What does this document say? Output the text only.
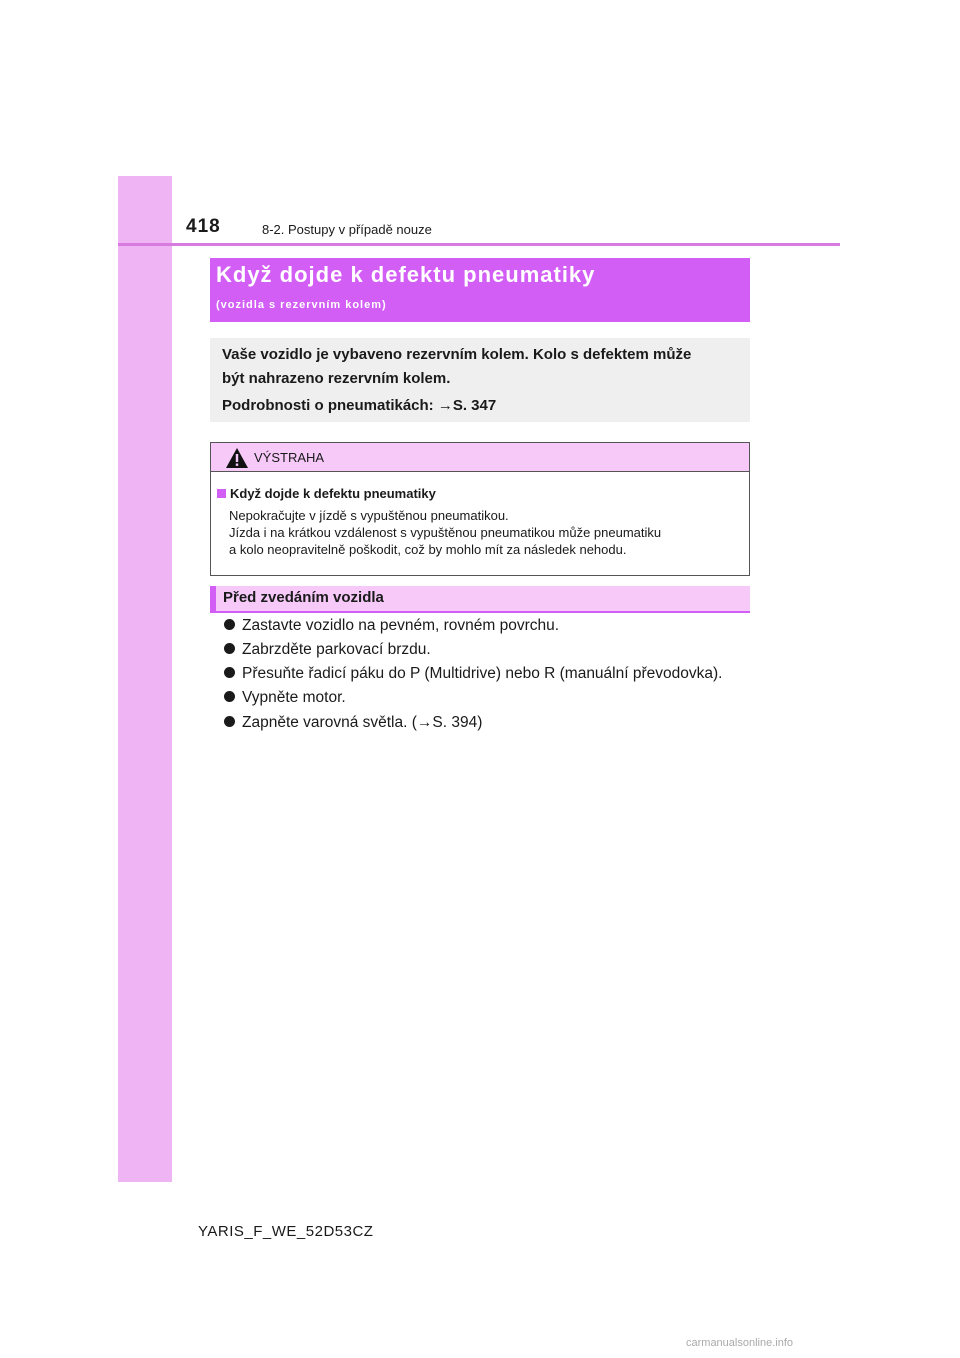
418	8-2. Postupy v případě nouze
Když dojde k defektu pneumatiky
(vozidla s rezervním kolem)
Vaše vozidlo je vybaveno rezervním kolem. Kolo s defektem může
být nahrazeno rezervním kolem.
Podrobnosti o pneumatikách: →S. 347
VÝSTRAHA
Když dojde k defektu pneumatiky
Nepokračujte v jízdě s vypuštěnou pneumatikou.
Jízda i na krátkou vzdálenost s vypuštěnou pneumatikou může pneumatiku
a kolo neopravitelně poškodit, což by mohlo mít za následek nehodu.
Před zvedáním vozidla
Zastavte vozidlo na pevném, rovném povrchu.
Zabrzděte parkovací brzdu.
Přesuňte řadicí páku do P (Multidrive) nebo R (manuální převodovka).
Vypněte motor.
Zapněte varovná světla. (→S. 394)
YARIS_F_WE_52D53CZ
carmanualsonline.info
